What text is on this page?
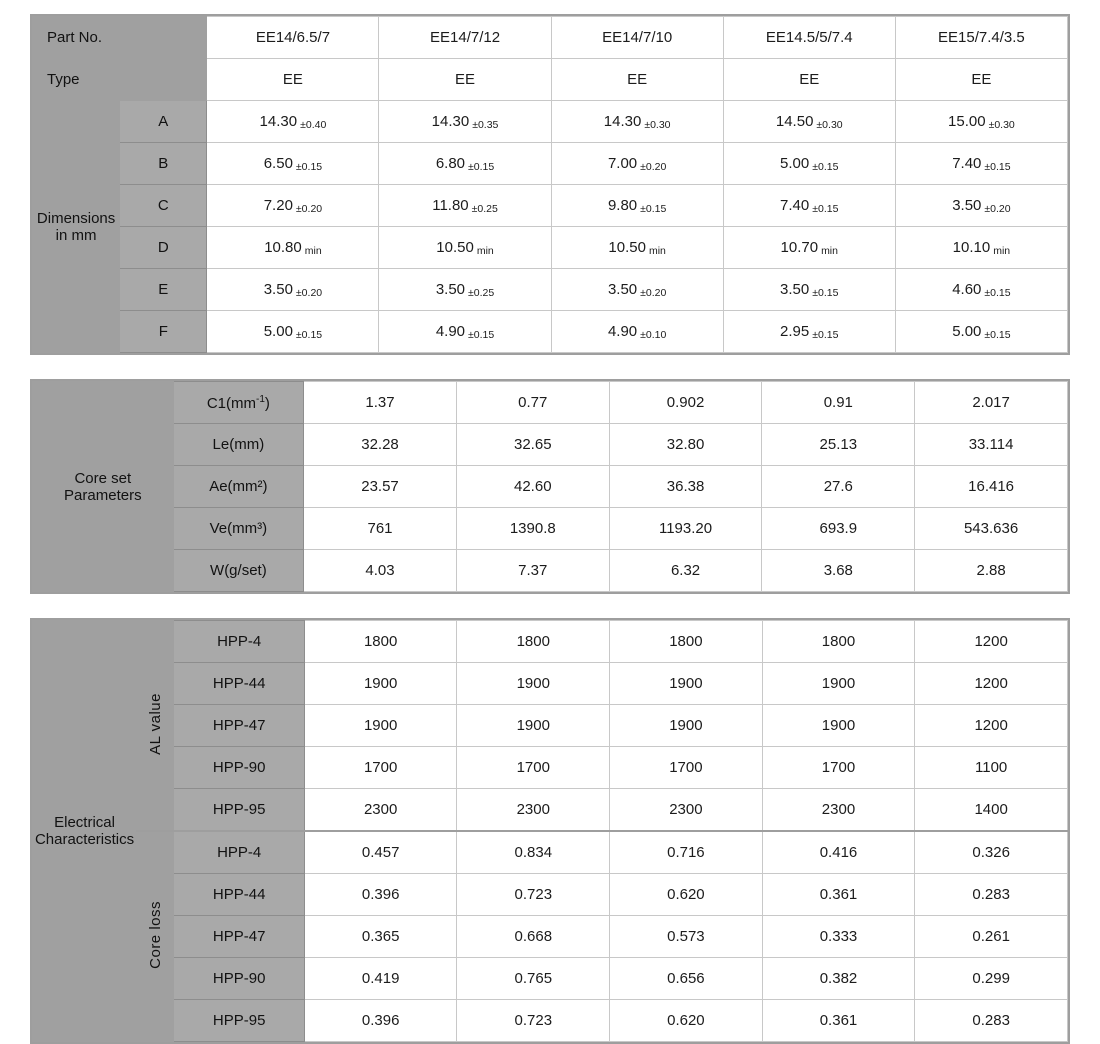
Part No.		EE14/6.5/7	EE14/7/12	EE14/7/10	EE14.5/5/7.4	EE15/7.4/3.5
Type		EE	EE	EE	EE	EE

Dimensions
in mm	A	14.30 ±0.40	14.30 ±0.35	14.30 ±0.30	14.50 ±0.30	15.00 ±0.30
	B	6.50 ±0.15	6.80 ±0.15	7.00 ±0.20	5.00 ±0.15	7.40 ±0.15
	C	7.20 ±0.20	11.80 ±0.25	9.80 ±0.15	7.40 ±0.15	3.50 ±0.20
	D	10.80 min	10.50 min	10.50 min	10.70 min	10.10 min
	E	3.50 ±0.20	3.50 ±0.25	3.50 ±0.20	3.50 ±0.15	4.60 ±0.15
	F	5.00 ±0.15	4.90 ±0.15	4.90 ±0.10	2.95 ±0.15	5.00 ±0.15
Core set
Parameters	$C1(mm^{-1})$	1.37	0.77	0.902	0.91	2.017
	Le(mm)	32.28	32.65	32.80	25.13	33.114
	Ae(mm²)	23.57	42.60	36.38	27.6	16.416
	Ve(mm³)	761	1390.8	1193.20	693.9	543.636
	W(g/set)	4.03	7.37	6.32	3.68	2.88
Electrical
Characteristics	AL value	HPP-4	1800	1800	1800	1800	1200
		HPP-44	1900	1900	1900	1900	1200
		HPP-47	1900	1900	1900	1900	1200
		HPP-90	1700	1700	1700	1700	1100
		HPP-95	2300	2300	2300	2300	1400
	Core loss	HPP-4	0.457	0.834	0.716	0.416	0.326
		HPP-44	0.396	0.723	0.620	0.361	0.283
		HPP-47	0.365	0.668	0.573	0.333	0.261
		HPP-90	0.419	0.765	0.656	0.382	0.299
		HPP-95	0.396	0.723	0.620	0.361	0.283
